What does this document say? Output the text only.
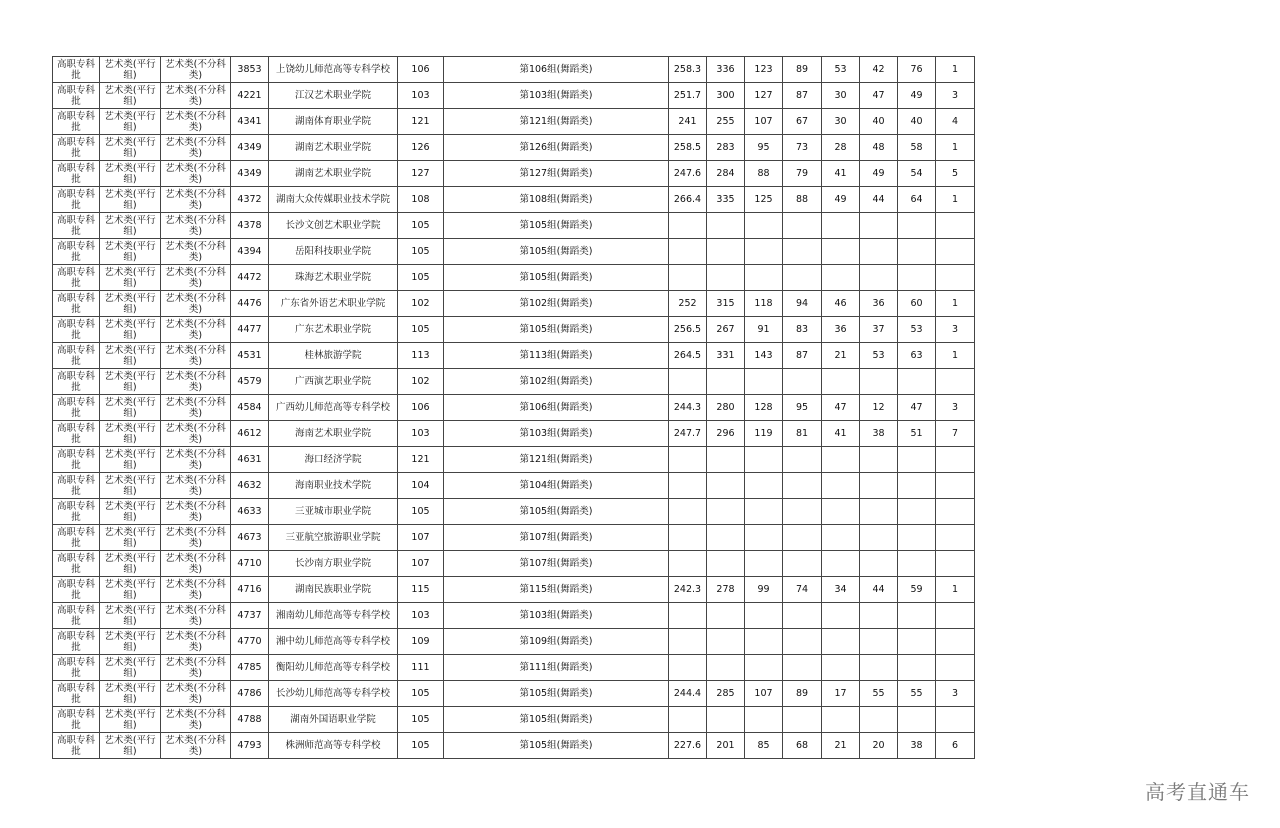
高职专科批	艺术类(平行组)	艺术类(不分科类)	3853	上饶幼儿师范高等专科学校	106	第106组(舞蹈类)	258.3	336	123	89	53	42	76	1
高职专科批	艺术类(平行组)	艺术类(不分科类)	4221	江汉艺术职业学院	103	第103组(舞蹈类)	251.7	300	127	87	30	47	49	3
高职专科批	艺术类(平行组)	艺术类(不分科类)	4341	湖南体育职业学院	121	第121组(舞蹈类)	241	255	107	67	30	40	40	4
高职专科批	艺术类(平行组)	艺术类(不分科类)	4349	湖南艺术职业学院	126	第126组(舞蹈类)	258.5	283	95	73	28	48	58	1
高职专科批	艺术类(平行组)	艺术类(不分科类)	4349	湖南艺术职业学院	127	第127组(舞蹈类)	247.6	284	88	79	41	49	54	5
高职专科批	艺术类(平行组)	艺术类(不分科类)	4372	湖南大众传媒职业技术学院	108	第108组(舞蹈类)	266.4	335	125	88	49	44	64	1
高职专科批	艺术类(平行组)	艺术类(不分科类)	4378	长沙文创艺术职业学院	105	第105组(舞蹈类)								
高职专科批	艺术类(平行组)	艺术类(不分科类)	4394	岳阳科技职业学院	105	第105组(舞蹈类)								
高职专科批	艺术类(平行组)	艺术类(不分科类)	4472	珠海艺术职业学院	105	第105组(舞蹈类)								
高职专科批	艺术类(平行组)	艺术类(不分科类)	4476	广东省外语艺术职业学院	102	第102组(舞蹈类)	252	315	118	94	46	36	60	1
高职专科批	艺术类(平行组)	艺术类(不分科类)	4477	广东艺术职业学院	105	第105组(舞蹈类)	256.5	267	91	83	36	37	53	3
高职专科批	艺术类(平行组)	艺术类(不分科类)	4531	桂林旅游学院	113	第113组(舞蹈类)	264.5	331	143	87	21	53	63	1
高职专科批	艺术类(平行组)	艺术类(不分科类)	4579	广西演艺职业学院	102	第102组(舞蹈类)								
高职专科批	艺术类(平行组)	艺术类(不分科类)	4584	广西幼儿师范高等专科学校	106	第106组(舞蹈类)	244.3	280	128	95	47	12	47	3
高职专科批	艺术类(平行组)	艺术类(不分科类)	4612	海南艺术职业学院	103	第103组(舞蹈类)	247.7	296	119	81	41	38	51	7
高职专科批	艺术类(平行组)	艺术类(不分科类)	4631	海口经济学院	121	第121组(舞蹈类)								
高职专科批	艺术类(平行组)	艺术类(不分科类)	4632	海南职业技术学院	104	第104组(舞蹈类)								
高职专科批	艺术类(平行组)	艺术类(不分科类)	4633	三亚城市职业学院	105	第105组(舞蹈类)								
高职专科批	艺术类(平行组)	艺术类(不分科类)	4673	三亚航空旅游职业学院	107	第107组(舞蹈类)								
高职专科批	艺术类(平行组)	艺术类(不分科类)	4710	长沙南方职业学院	107	第107组(舞蹈类)								
高职专科批	艺术类(平行组)	艺术类(不分科类)	4716	湖南民族职业学院	115	第115组(舞蹈类)	242.3	278	99	74	34	44	59	1
高职专科批	艺术类(平行组)	艺术类(不分科类)	4737	湘南幼儿师范高等专科学校	103	第103组(舞蹈类)								
高职专科批	艺术类(平行组)	艺术类(不分科类)	4770	湘中幼儿师范高等专科学校	109	第109组(舞蹈类)								
高职专科批	艺术类(平行组)	艺术类(不分科类)	4785	衡阳幼儿师范高等专科学校	111	第111组(舞蹈类)								
高职专科批	艺术类(平行组)	艺术类(不分科类)	4786	长沙幼儿师范高等专科学校	105	第105组(舞蹈类)	244.4	285	107	89	17	55	55	3
高职专科批	艺术类(平行组)	艺术类(不分科类)	4788	湖南外国语职业学院	105	第105组(舞蹈类)								
高职专科批	艺术类(平行组)	艺术类(不分科类)	4793	株洲师范高等专科学校	105	第105组(舞蹈类)	227.6	201	85	68	21	20	38	6
高考直通车
